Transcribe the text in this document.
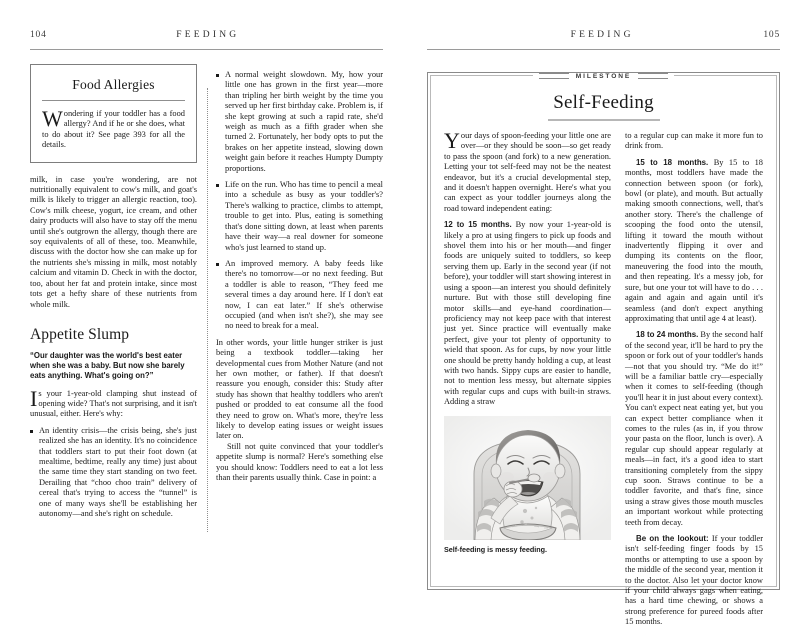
104	FEEDING
Food Allergies
Wondering if your toddler has a food allergy? And if he or she does, what to do about it? See page 393 for all the details.

milk, in case you're wondering, are not nutritionally equivalent to cow's milk, and goat's milk is likely to trigger an allergic reaction, too). Cow's milk cheese, yogurt, ice cream, and other dairy products will also have to stay off the menu until she's outgrown the allergy, though there are soy equivalents of all of these, too. Meanwhile, discuss with the doctor how she can make up for the nutrients she's missing in milk, most notably calcium and vitamin D. Check in with the doctor, too, about her fat and protein intake, since most tots get a hefty share of these nutrients from whole milk.

Appetite Slump
“Our daughter was the world's best eater when she was a baby. But now she barely eats anything. What's going on?”
Is your 1-year-old clamping shut instead of opening wide? That's not surprising, and it isn't unusual, either. Here's why:
An identity crisis—the crisis being, she's just realized she has an identity. It's no coincidence that toddlers start to put their foot down (at mealtime, bedtime, really any time) just about the same time they start standing on two feet. Derailing that “choo choo train” delivery of cereal that's trying to access the “tunnel” is one of many ways she'll be establishing her autonomy—and she's right on schedule.
A normal weight slowdown. My, how your little one has grown in the first year—more than tripling her birth weight by the time you served up her first birthday cake. Problem is, if she kept growing at such a rapid rate, she'd weigh as much as a fifth grader when she turned 2. Fortunately, her body opts to put the brakes on her appetite instead, slowing down weight gain before it reaches Humpty Dumpty proportions.
Life on the run. Who has time to pencil a meal into a schedule as busy as your toddler's? There's walking to practice, climbs to attempt, trouble to get into. Plus, eating is something that's done sitting down, at least when parents have their way—a real downer for someone who's just learned to stand up.
An improved memory. A baby feeds like there's no tomorrow—or no next feeding. But a toddler is able to reason, “They feed me several times a day around here. If I don't eat now, I can eat later.” If she's otherwise occupied (and when isn't she?), she may see no need to break for a meal.

In other words, your little hunger striker is just being a textbook toddler—taking her developmental cues from Mother Nature (and not her own mother, or father). If that doesn't reassure you enough, consider this: Study after study has shown that healthy toddlers who aren't pushed or prodded to eat consume all the food they need to grow on. What's more, they're less likely to develop eating issues or weight issues later on.

Still not quite convinced that your toddler's appetite slump is normal? Here's something else you should know: Toddlers need to eat a lot less than their parents usually think. Case in point: a

FEEDING	105
Self-Feeding
Your days of spoon-feeding your little one are over—or they should be soon—so get ready to pass the spoon (and fork) to a new generation. Letting your tot self-feed may not be the neatest endeavor, but it's a crucial developmental step, and it doesn't happen overnight. Here's what you can expect as your toddler journeys along the road toward independent eating:

12 to 15 months. By now your 1-year-old is likely a pro at using fingers to pick up foods and shovel them into his or her mouth—and finger foods are uniquely suited to toddlers, so keep serving them up. Early in the second year (if not before), your toddler will start showing interest in using a spoon—an interest you should definitely nurture. But with those still developing fine motor skills—and eye-hand coordination—proficiency may not keep pace with that interest just yet. Since practice will eventually make perfect, give your tot plenty of opportunity to wield that spoon. As for cups, by now your little one should be pretty handy holding a cup, at least with two hands. Sippy cups are easier to handle, not to mention less messy, but alternate sippies with regular cups and cups with built-in straws. Adding a straw

Self-feeding is messy feeding.

to a regular cup can make it more fun to drink from.

15 to 18 months. By 15 to 18 months, most toddlers have made the connection between spoon (or fork), bowl (or plate), and mouth. But actually making smooth connections, well, that's another story. There's the challenge of scooping the food onto the utensil, lifting it toward the mouth without inadvertently flipping it over and dumping its contents on the floor, maneuvering the food into the mouth, and then repeating. It's a messy job, for sure, but one your tot will have to do . . . again and again and again until it's seamless (and don't expect anything approximating that until age 4 at least).

18 to 24 months. By the second half of the second year, it'll be hard to pry the spoon or fork out of your toddler's hands—not that you should try. “Me do it!” will be a familiar battle cry—especially when it comes to self-feeding (though you'll hear it in just about every context). You can't expect neat eating yet, but you can expect better compliance when it comes to the rules (as in, if you throw your pasta on the floor, lunch is over). A regular cup should appear regularly at meals—in fact, it's a good idea to start transitioning completely from the sippy cup soon. Straws continue to be a toddler favorite, and that's fine, since using a straw gives those mouth muscles an important workout while protecting teeth from decay.

Be on the lookout: If your toddler isn't self-feeding finger foods by 15 months or attempting to use a spoon by the middle of the second year, mention it to the doctor. Also let your doctor know if your child always gags when eating, has a hard time chewing, or shows a strong preference for pureed foods after 15 months.

MILESTONE
